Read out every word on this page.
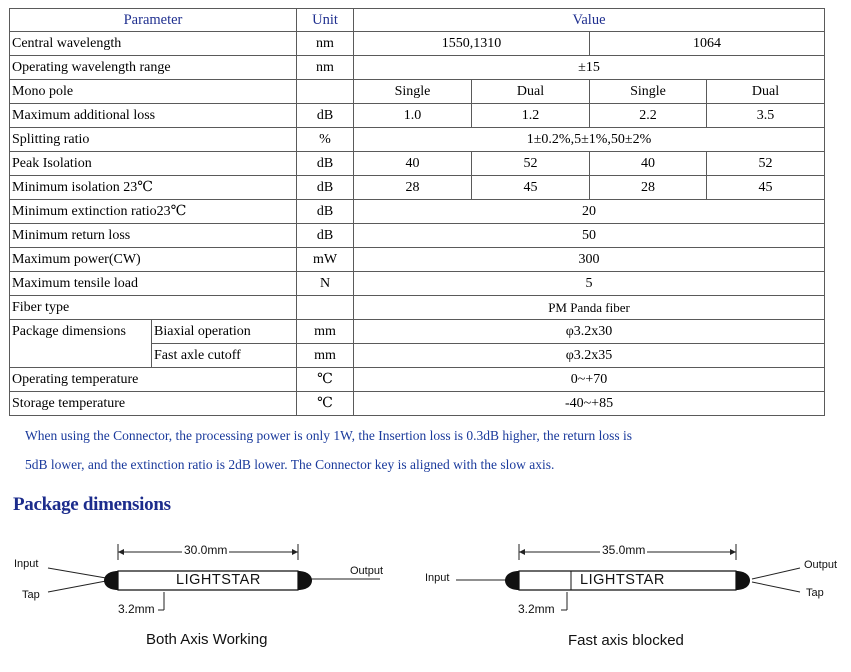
Parameter		Unit	Value			
Central wavelength		nm	1550,1310		1064	
Operating wavelength range		nm	±15			
Mono pole			Single	Dual	Single	Dual
Maximum additional loss		dB	1.0	1.2	2.2	3.5
Splitting ratio		%	1±0.2%,5±1%,50±2%			
Peak Isolation		dB	40	52	40	52
Minimum isolation 23℃		dB	28	45	28	45
Minimum extinction ratio23℃		dB	20			
Minimum return loss		dB	50			
Maximum power(CW)		mW	300			
Maximum tensile load		N	5			
Fiber type			PM Panda fiber			
Package dimensions	Biaxial operation	mm	φ3.2x30			
	Fast axle cutoff	mm	φ3.2x35			
Operating temperature		℃	0~+70			
Storage temperature		℃	-40~+85			
When using the Connector, the processing power is only 1W, the Insertion loss is 0.3dB higher, the return loss is
5dB lower, and the extinction ratio is 2dB lower. The Connector key is aligned with the slow axis.
Package dimensions
30.0mm
LIGHTSTAR
Input
Tap
Output
3.2mm
Both Axis Working
35.0mm
LIGHTSTAR
Input
Output
Tap
3.2mm
Fast axis blocked
